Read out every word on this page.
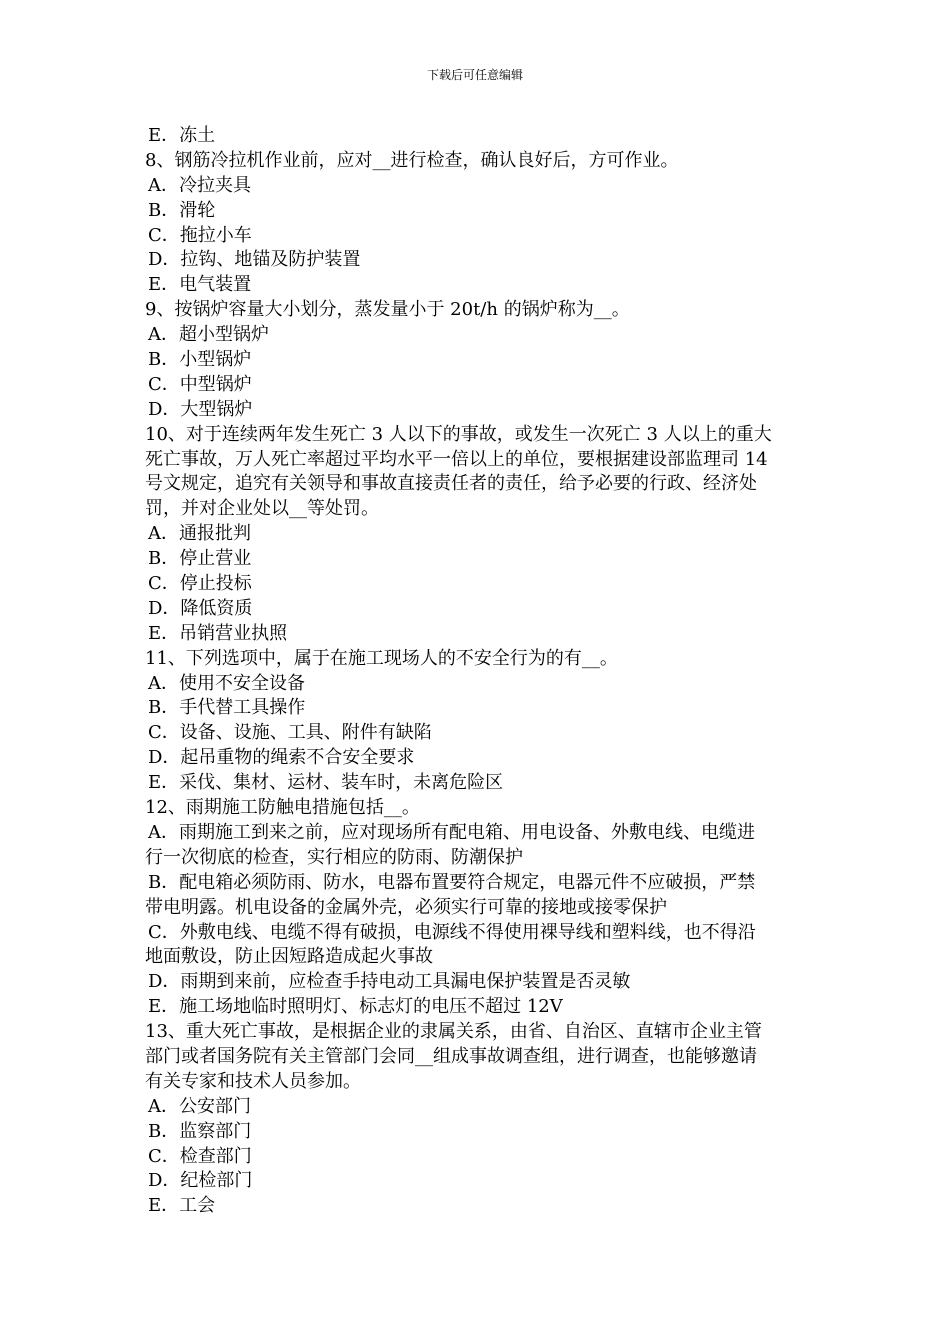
下载后可任意编辑
E．冻土
8、钢筋冷拉机作业前，应对__进行检查，确认良好后，方可作业。
A．冷拉夹具
B．滑轮
C．拖拉小车
D．拉钩、地锚及防护装置
E．电气装置
9、按锅炉容量大小划分，蒸发量小于 20t/h 的锅炉称为__。
A．超小型锅炉
B．小型锅炉
C．中型锅炉
D．大型锅炉
10、对于连续两年发生死亡 3 人以下的事故，或发生一次死亡 3 人以上的重大
死亡事故，万人死亡率超过平均水平一倍以上的单位，要根据建设部监理司 14
号文规定，追究有关领导和事故直接责任者的责任，给予必要的行政、经济处
罚，并对企业处以__等处罚。
A．通报批判
B．停止营业
C．停止投标
D．降低资质
E．吊销营业执照
11、下列选项中，属于在施工现场人的不安全行为的有__。
A．使用不安全设备
B．手代替工具操作
C．设备、设施、工具、附件有缺陷
D．起吊重物的绳索不合安全要求
E．采伐、集材、运材、装车时，未离危险区
12、雨期施工防触电措施包括__。
A．雨期施工到来之前，应对现场所有配电箱、用电设备、外敷电线、电缆进
行一次彻底的检查，实行相应的防雨、防潮保护
B．配电箱必须防雨、防水，电器布置要符合规定，电器元件不应破损，严禁
带电明露。机电设备的金属外壳，必须实行可靠的接地或接零保护
C．外敷电线、电缆不得有破损，电源线不得使用裸导线和塑料线，也不得沿
地面敷设，防止因短路造成起火事故
D．雨期到来前，应检查手持电动工具漏电保护装置是否灵敏
E．施工场地临时照明灯、标志灯的电压不超过 12V
13、重大死亡事故，是根据企业的隶属关系，由省、自治区、直辖市企业主管
部门或者国务院有关主管部门会同__组成事故调查组，进行调查，也能够邀请
有关专家和技术人员参加。
A．公安部门
B．监察部门
C．检查部门
D．纪检部门
E．工会
